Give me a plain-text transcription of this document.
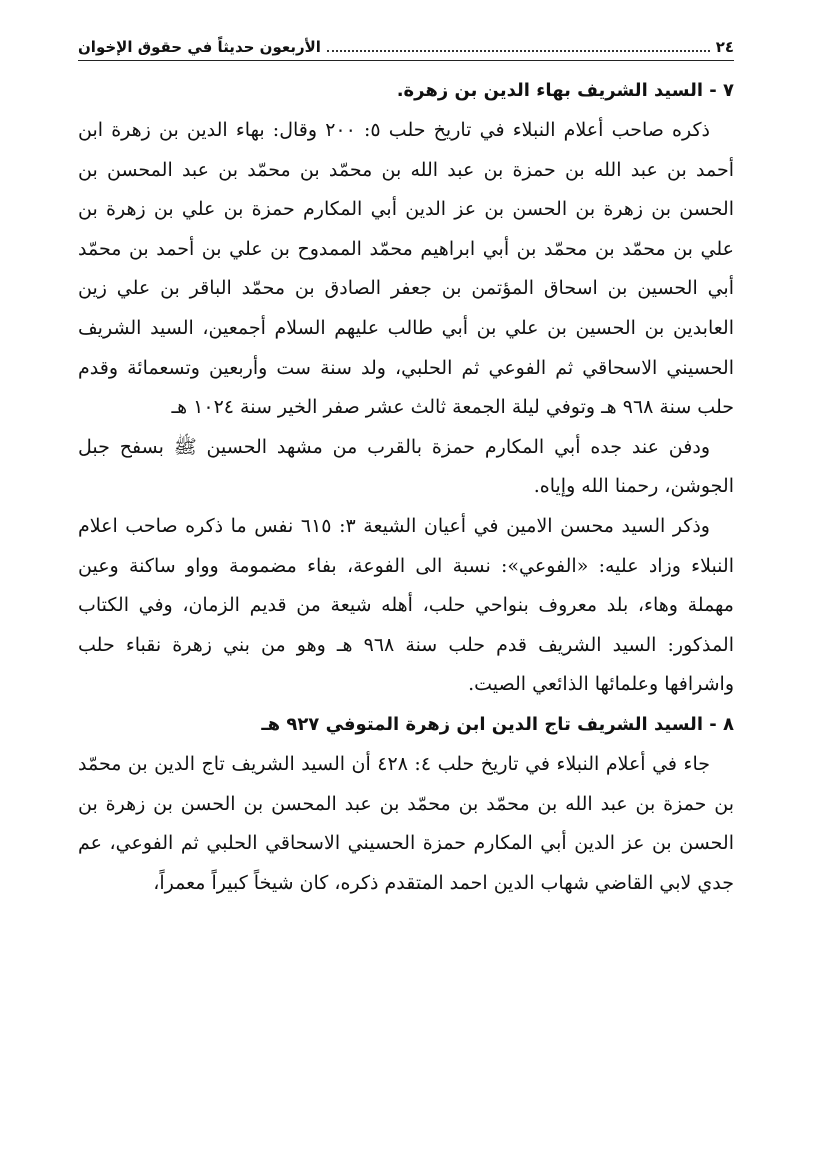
٢٤
الأربعون حديثاً في حقوق الإخوان
٧ - السيد الشريف بهاء الدين بن زهرة.

ذكره صاحب أعلام النبلاء في تاريخ حلب ٥: ٢٠٠ وقال: بهاء الدين بن زهرة ابن أحمد بن عبد الله بن حمزة بن عبد الله بن محمّد بن محمّد بن عبد المحسن بن الحسن بن زهرة بن الحسن بن عز الدين أبي المكارم حمزة بن علي بن زهرة بن علي بن محمّد بن محمّد بن أبي ابراهيم محمّد الممدوح بن علي بن أحمد بن محمّد أبي الحسين بن اسحاق المؤتمن بن جعفر الصادق بن محمّد الباقر بن علي زين العابدين بن الحسين بن علي بن أبي طالب عليهم السلام أجمعين، السيد الشريف الحسيني الاسحاقي ثم الفوعي ثم الحلبي، ولد سنة ست وأربعين وتسعمائة وقدم حلب سنة ٩٦٨ هـ وتوفي ليلة الجمعة ثالث عشر صفر الخير سنة ١٠٢٤ هـ

ودفن عند جده أبي المكارم حمزة بالقرب من مشهد الحسين ﷺ بسفح جبل الجوشن، رحمنا الله وإياه.

وذكر السيد محسن الامين في أعيان الشيعة ٣: ٦١٥ نفس ما ذكره صاحب اعلام النبلاء وزاد عليه: «الفوعي»: نسبة الى الفوعة، بفاء مضمومة وواو ساكنة وعين مهملة وهاء، بلد معروف بنواحي حلب، أهله شيعة من قديم الزمان، وفي الكتاب المذكور: السيد الشريف قدم حلب سنة ٩٦٨ هـ وهو من بني زهرة نقباء حلب واشرافها وعلمائها الذائعي الصيت.

٨ - السيد الشريف تاج الدين ابن زهرة المتوفي ٩٢٧ هـ

جاء في أعلام النبلاء في تاريخ حلب ٤: ٤٢٨ أن السيد الشريف تاج الدين بن محمّد بن حمزة بن عبد الله بن محمّد بن محمّد بن عبد المحسن بن الحسن بن زهرة بن الحسن بن عز الدين أبي المكارم حمزة الحسيني الاسحاقي الحلبي ثم الفوعي، عم جدي لابي القاضي شهاب الدين احمد المتقدم ذكره، كان شيخاً كبيراً معمراً،
